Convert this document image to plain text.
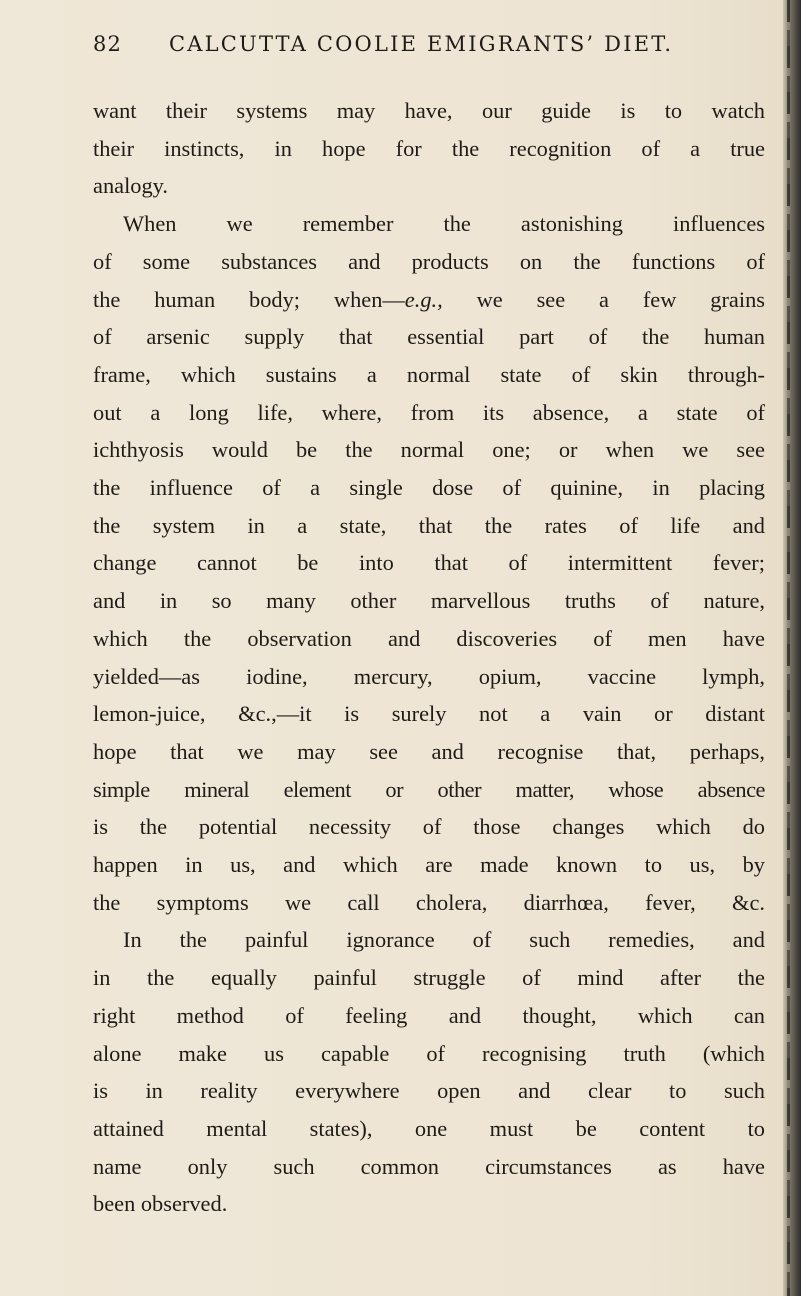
82 CALCUTTA COOLIE EMIGRANTS’ DIET.
want their systems may have, our guide is to watch
their instincts, in hope for the recognition of a true
analogy.
When we remember the astonishing influences
of some substances and products on the functions of
the human body; when—e.g., we see a few grains
of arsenic supply that essential part of the human
frame, which sustains a normal state of skin through-
out a long life, where, from its absence, a state of
ichthyosis would be the normal one; or when we see
the influence of a single dose of quinine, in placing
the system in a state, that the rates of life and
change cannot be into that of intermittent fever;
and in so many other marvellous truths of nature,
which the observation and discoveries of men have
yielded—as iodine, mercury, opium, vaccine lymph,
lemon-juice, &c.,—it is surely not a vain or distant
hope that we may see and recognise that, perhaps,
simple mineral element or other matter, whose absence
is the potential necessity of those changes which do
happen in us, and which are made known to us, by
the symptoms we call cholera, diarrhœa, fever, &c.
In the painful ignorance of such remedies, and
in the equally painful struggle of mind after the
right method of feeling and thought, which can
alone make us capable of recognising truth (which
is in reality everywhere open and clear to such
attained mental states), one must be content to
name only such common circumstances as have
been observed.
